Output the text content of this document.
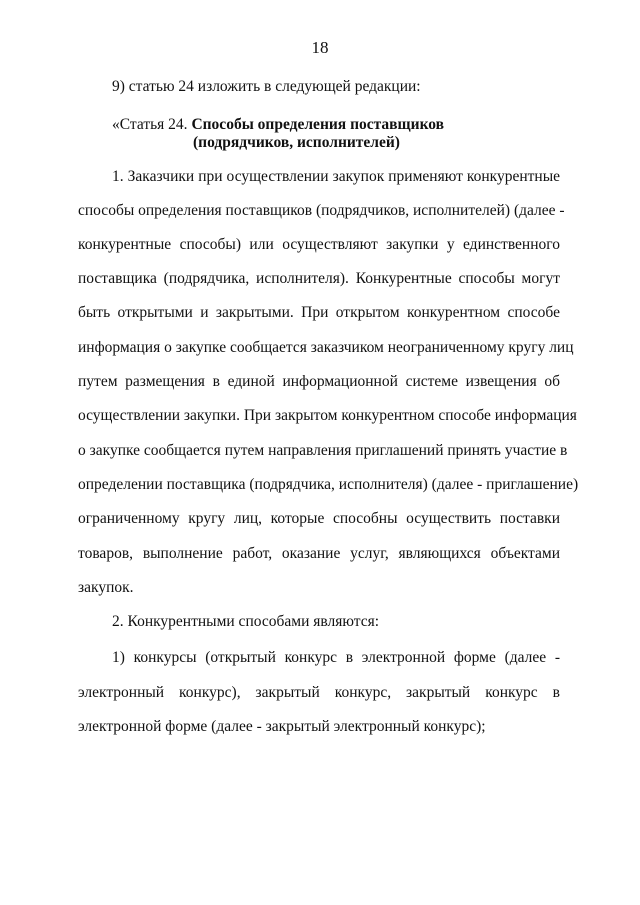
18
9) статью 24 изложить в следующей редакции:
«Статья 24. Способы определения поставщиков
(подрядчиков, исполнителей)
1. Заказчики при осуществлении закупок применяют конкурентные
способы определения поставщиков (подрядчиков, исполнителей) (далее -
конкурентные способы) или осуществляют закупки у единственного
поставщика (подрядчика, исполнителя). Конкурентные способы могут
быть открытыми и закрытыми. При открытом конкурентном способе
информация о закупке сообщается заказчиком неограниченному кругу лиц
путем размещения в единой информационной системе извещения об
осуществлении закупки. При закрытом конкурентном способе информация
о закупке сообщается путем направления приглашений принять участие в
определении поставщика (подрядчика, исполнителя) (далее - приглашение)
ограниченному кругу лиц, которые способны осуществить поставки
товаров, выполнение работ, оказание услуг, являющихся объектами
закупок.
2. Конкурентными способами являются:
1) конкурсы (открытый конкурс в электронной форме (далее -
электронный конкурс), закрытый конкурс, закрытый конкурс в
электронной форме (далее - закрытый электронный конкурс);
